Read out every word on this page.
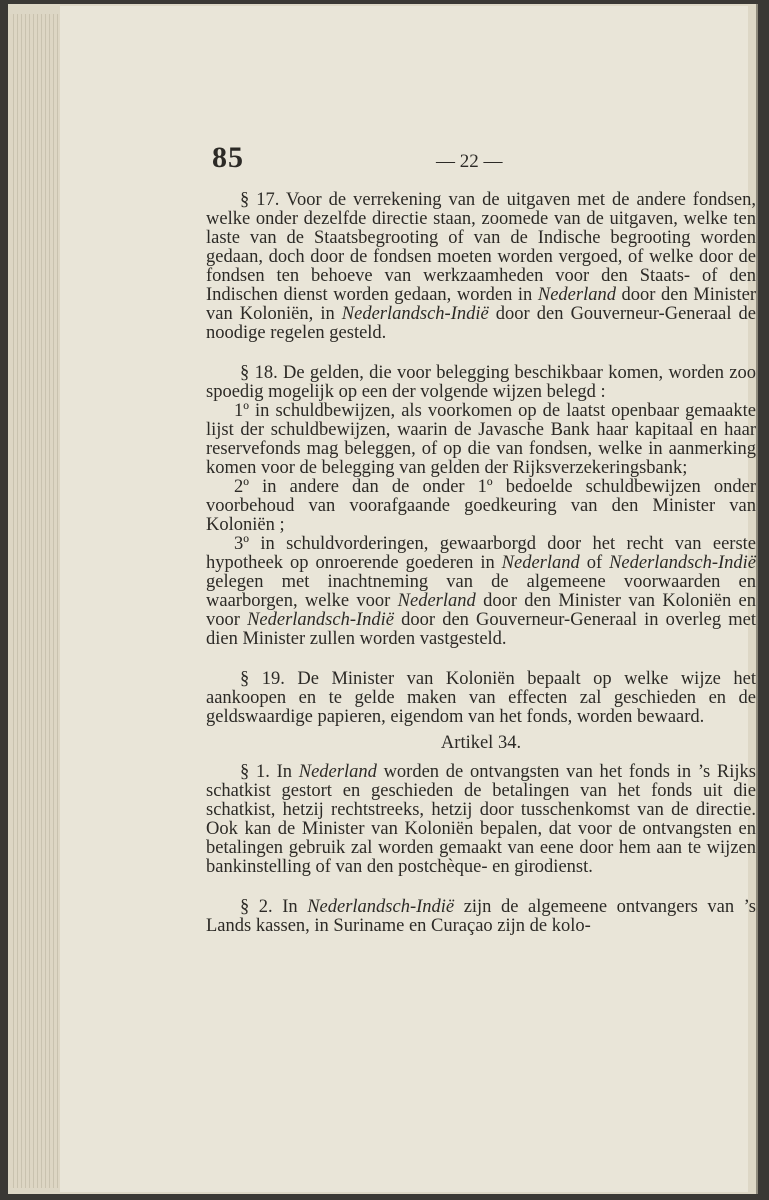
85	— 22 —

§ 17. Voor de verrekening van de uitgaven met de andere fondsen, welke onder dezelfde directie staan, zoomede van de uitgaven, welke ten laste van de Staatsbegrooting of van de Indische begrooting worden gedaan, doch door de fondsen moeten worden vergoed, of welke door de fondsen ten behoeve van werkzaamheden voor den Staats- of den Indischen dienst worden gedaan, worden in Nederland door den Minister van Koloniën, in Nederlandsch-Indië door den Gouverneur-Generaal de noodige regelen gesteld.

§ 18. De gelden, die voor belegging beschikbaar komen, worden zoo spoedig mogelijk op een der volgende wijzen belegd :

1º in schuldbewijzen, als voorkomen op de laatst openbaar gemaakte lijst der schuldbewijzen, waarin de Javasche Bank haar kapitaal en haar reservefonds mag beleggen, of op die van fondsen, welke in aanmerking komen voor de belegging van gelden der Rijksverzekeringsbank;

2º in andere dan de onder 1º bedoelde schuldbewijzen onder voorbehoud van voorafgaande goedkeuring van den Minister van Koloniën ;

3º in schuldvorderingen, gewaarborgd door het recht van eerste hypotheek op onroerende goederen in Nederland of Nederlandsch-Indië gelegen met inachtneming van de algemeene voorwaarden en waarborgen, welke voor Nederland door den Minister van Koloniën en voor Nederlandsch-Indië door den Gouverneur-Generaal in overleg met dien Minister zullen worden vastgesteld.

§ 19. De Minister van Koloniën bepaalt op welke wijze het aankoopen en te gelde maken van effecten zal geschieden en de geldswaardige papieren, eigendom van het fonds, worden bewaard.

Artikel 34.

§ 1. In Nederland worden de ontvangsten van het fonds in ’s Rijks schatkist gestort en geschieden de betalingen van het fonds uit die schatkist, hetzij rechtstreeks, hetzij door tusschenkomst van de directie. Ook kan de Minister van Koloniën bepalen, dat voor de ontvangsten en betalingen gebruik zal worden gemaakt van eene door hem aan te wijzen bankinstelling of van den postchèque- en girodienst.

§ 2. In Nederlandsch-Indië zijn de algemeene ontvangers van ’s Lands kassen, in Suriname en Curaçao zijn de kolo-
